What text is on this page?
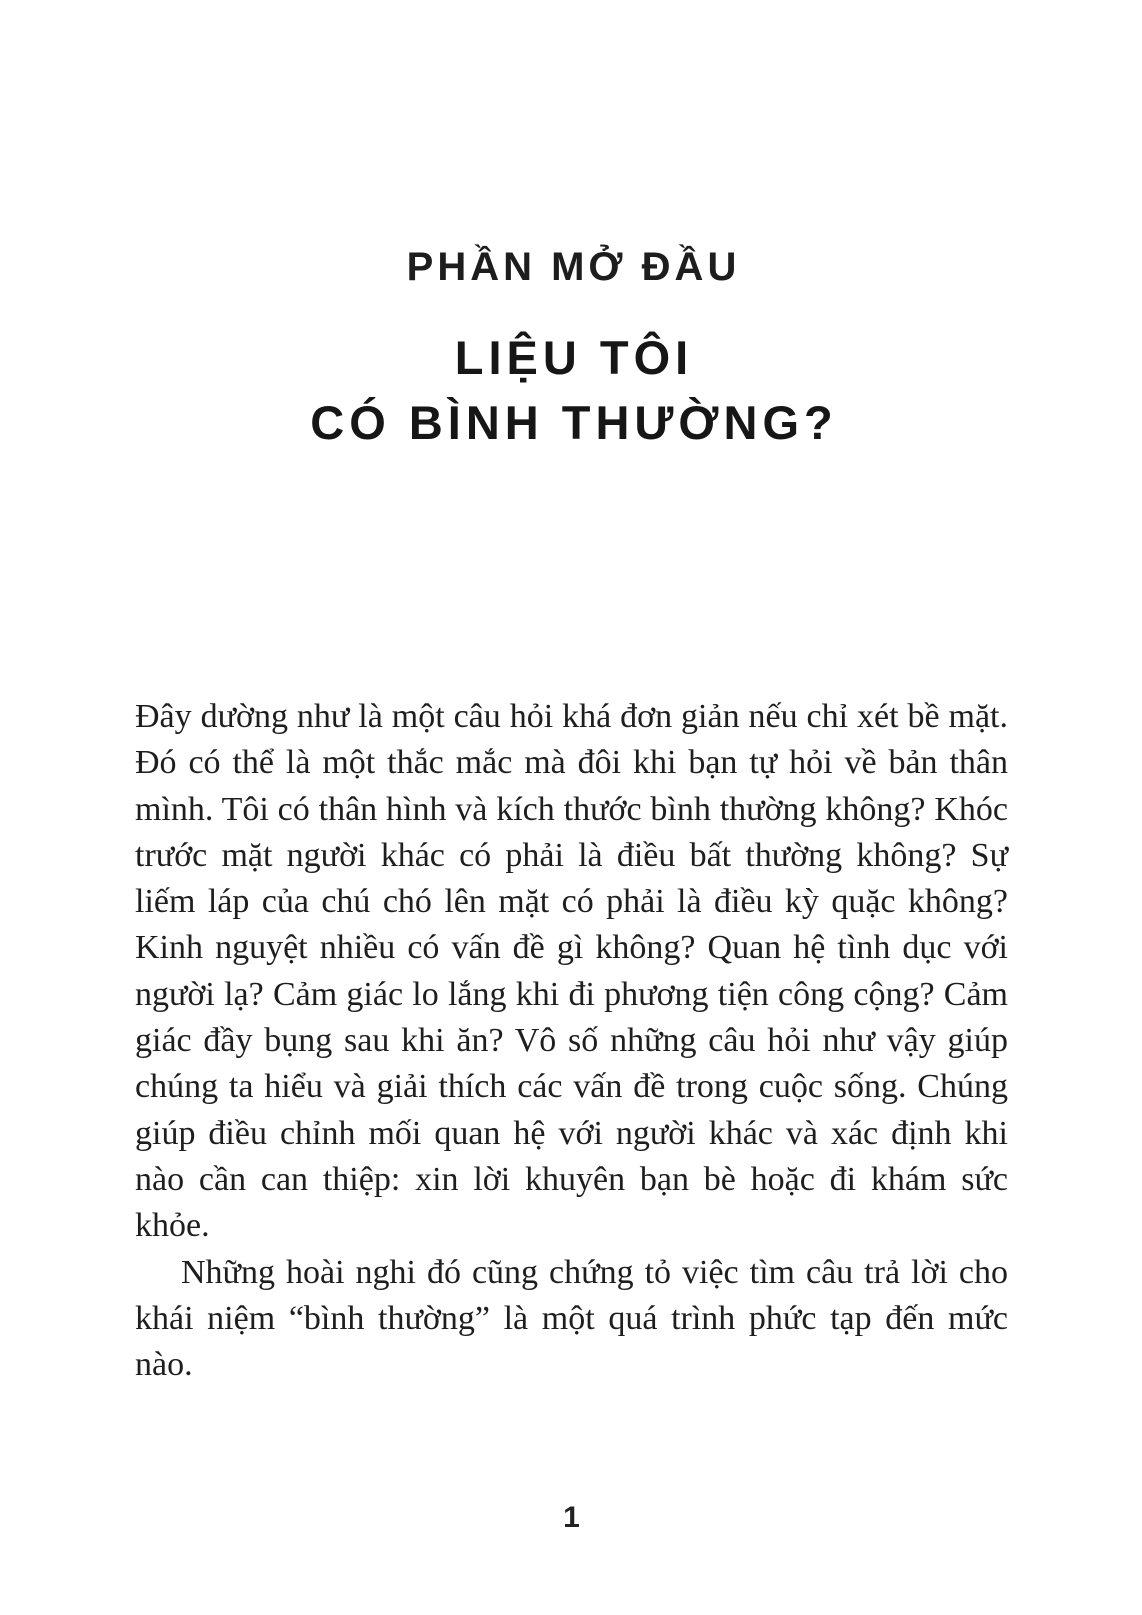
PHẦN MỞ ĐẦU
LIỆU TÔI
CÓ BÌNH THƯỜNG?

Đây dường như là một câu hỏi khá đơn giản nếu chỉ xét bề mặt. Đó có thể là một thắc mắc mà đôi khi bạn tự hỏi về bản thân mình. Tôi có thân hình và kích thước bình thường không? Khóc trước mặt người khác có phải là điều bất thường không? Sự liếm láp của chú chó lên mặt có phải là điều kỳ quặc không? Kinh nguyệt nhiều có vấn đề gì không? Quan hệ tình dục với người lạ? Cảm giác lo lắng khi đi phương tiện công cộng? Cảm giác đầy bụng sau khi ăn? Vô số những câu hỏi như vậy giúp chúng ta hiểu và giải thích các vấn đề trong cuộc sống. Chúng giúp điều chỉnh mối quan hệ với người khác và xác định khi nào cần can thiệp: xin lời khuyên bạn bè hoặc đi khám sức khỏe.

Những hoài nghi đó cũng chứng tỏ việc tìm câu trả lời cho khái niệm “bình thường” là một quá trình phức tạp đến mức nào.

1
